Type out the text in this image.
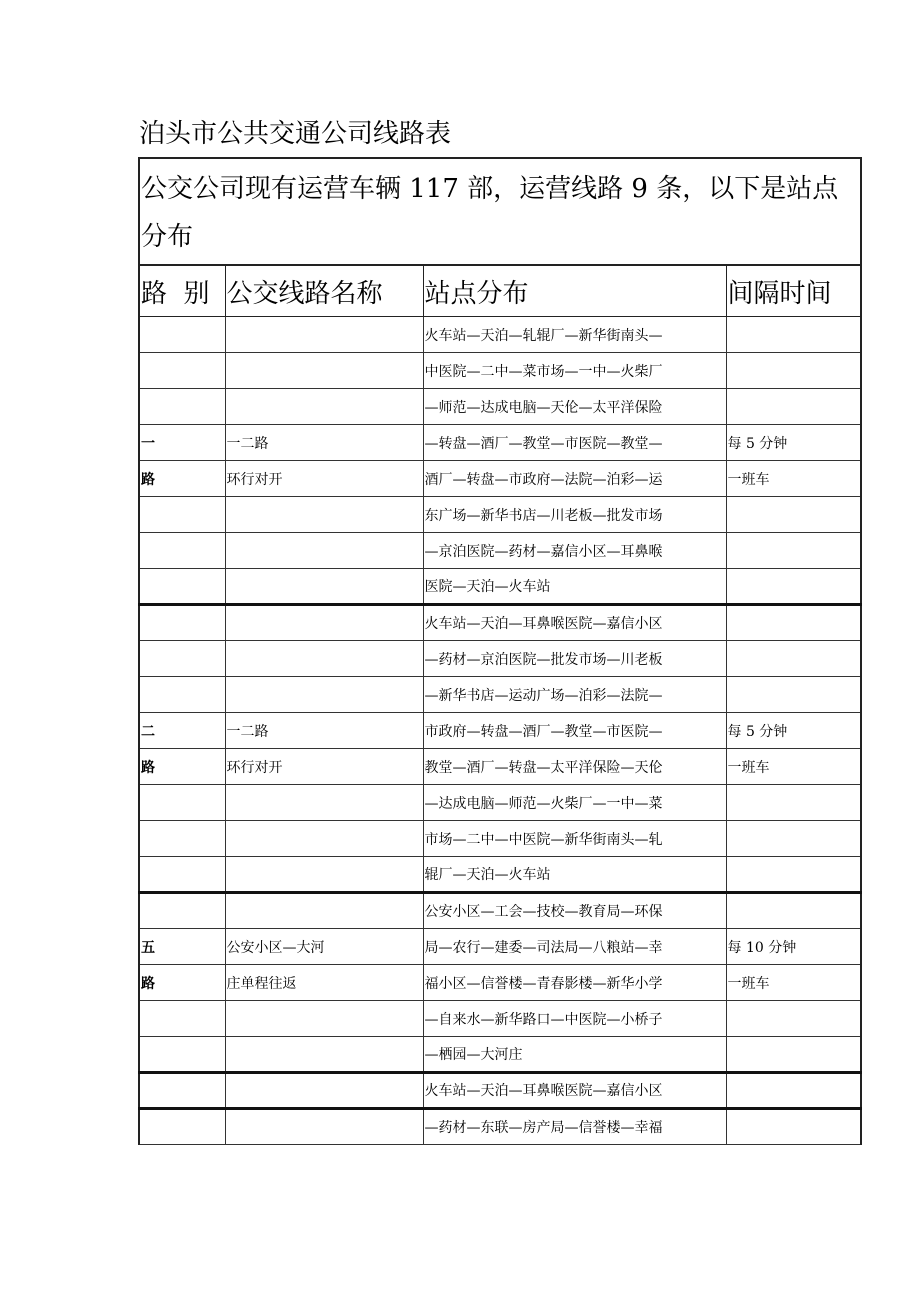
泊头市公共交通公司线路表
公交公司现有运营车辆 117 部，运营线路 9 条，以下是站点分布			
路  别	公交线路名称	站点分布	间隔时间
		火车站—天泊—轧辊厂—新华街南头—	
		中医院—二中—菜市场—一中—火柴厂	
		—师范—达成电脑—天伦—太平洋保险	
一	一二路	—转盘—酒厂—教堂—市医院—教堂—	每 5 分钟
路	环行对开	酒厂—转盘—市政府—法院—泊彩—运	一班车
		东广场—新华书店—川老板—批发市场	
		—京泊医院—药材—嘉信小区—耳鼻喉	
		医院—天泊—火车站	
		火车站—天泊—耳鼻喉医院—嘉信小区	
		—药材—京泊医院—批发市场—川老板	
		—新华书店—运动广场—泊彩—法院—	
二	一二路	市政府—转盘—酒厂—教堂—市医院—	每 5 分钟
路	环行对开	教堂—酒厂—转盘—太平洋保险—天伦	一班车
		—达成电脑—师范—火柴厂—一中—菜	
		市场—二中—中医院—新华街南头—轧	
		辊厂—天泊—火车站	
		公安小区—工会—技校—教育局—环保	
五	公安小区—大河	局—农行—建委—司法局—八粮站—幸	每 10 分钟
路	庄单程往返	福小区—信誉楼—青春影楼—新华小学	一班车
		—自来水—新华路口—中医院—小桥子	
		—栖园—大河庄	
		火车站—天泊—耳鼻喉医院—嘉信小区	
		—药材—东联—房产局—信誉楼—幸福	
